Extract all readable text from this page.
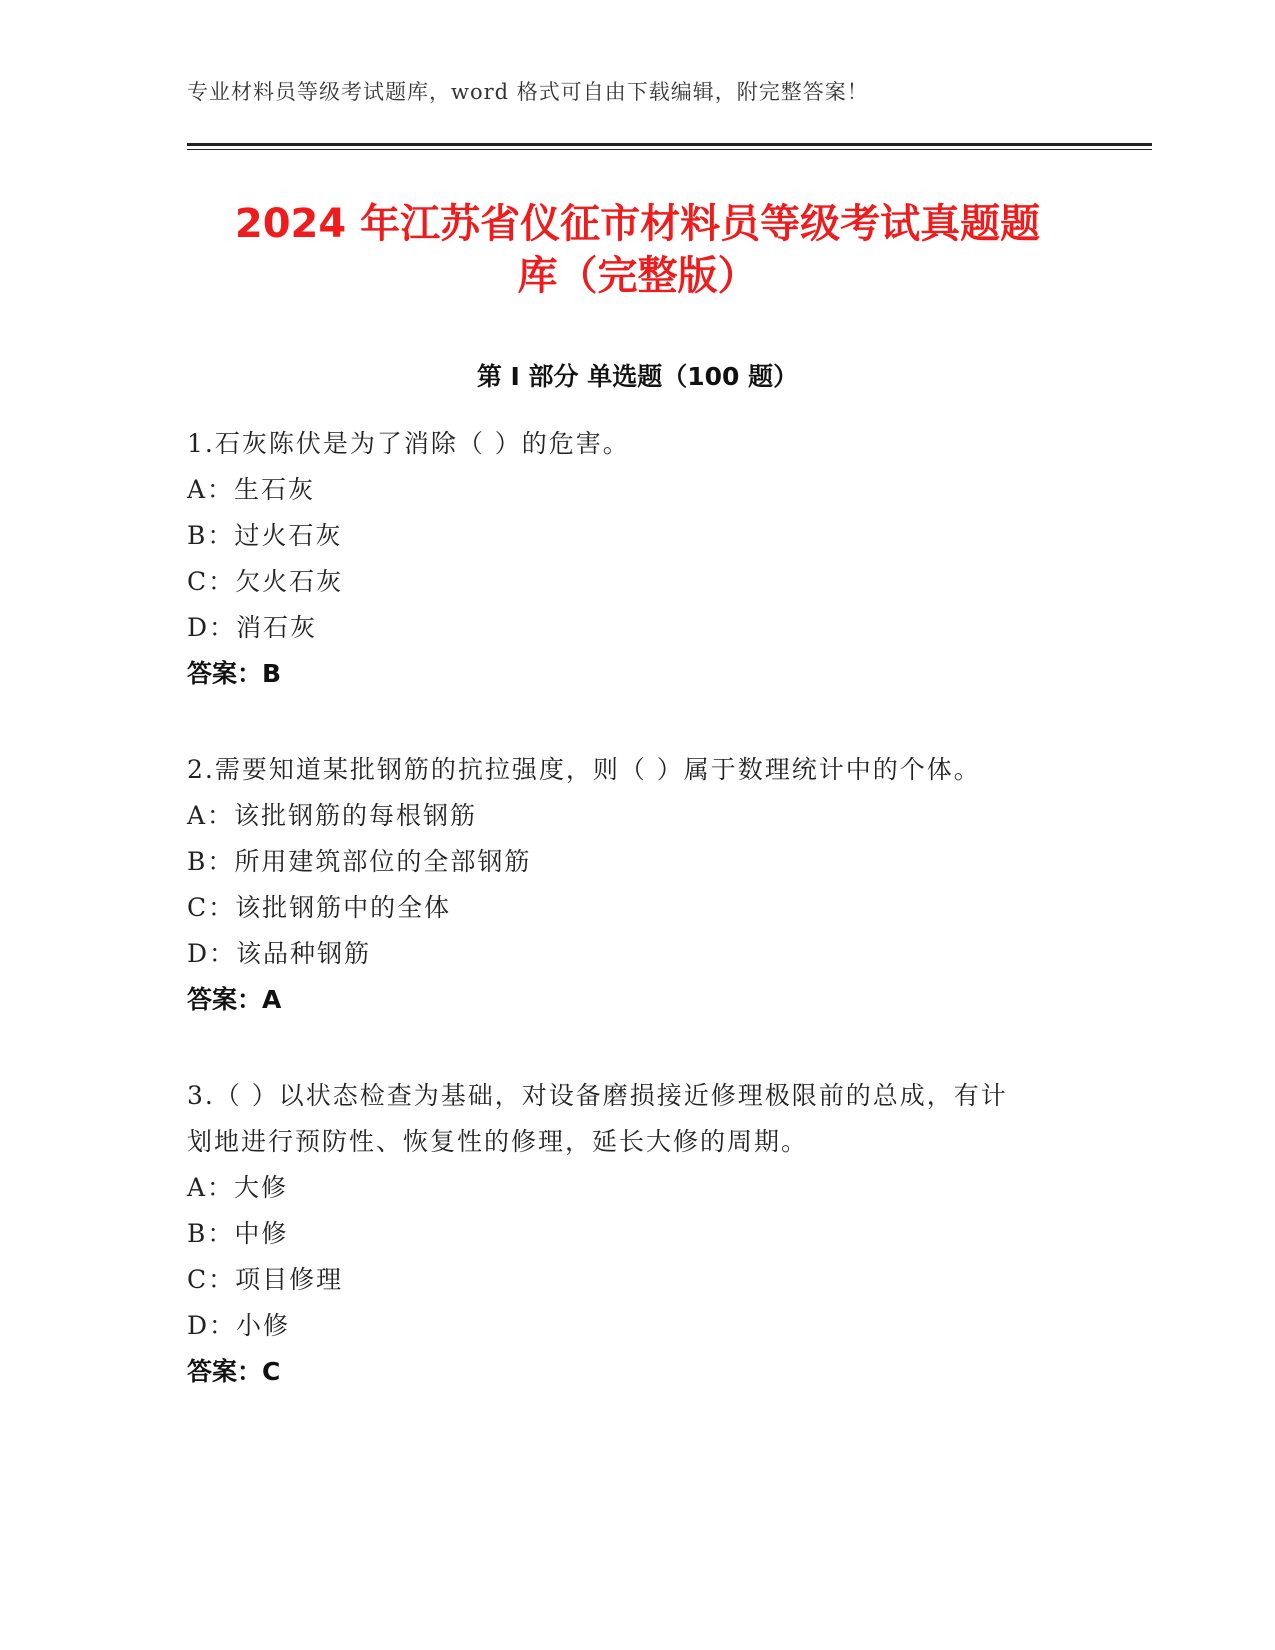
专业材料员等级考试题库，word 格式可自由下载编辑，附完整答案！
2024 年江苏省仪征市材料员等级考试真题题
库（完整版）
第 I 部分 单选题（100 题）
1.石灰陈伏是为了消除（ ）的危害。
A：生石灰
B：过火石灰
C：欠火石灰
D：消石灰
答案：B
2.需要知道某批钢筋的抗拉强度，则（ ）属于数理统计中的个体。
A：该批钢筋的每根钢筋
B：所用建筑部位的全部钢筋
C：该批钢筋中的全体
D：该品种钢筋
答案：A
3.（ ）以状态检查为基础，对设备磨损接近修理极限前的总成，有计
划地进行预防性、恢复性的修理，延长大修的周期。
A：大修
B：中修
C：项目修理
D：小修
答案：C
